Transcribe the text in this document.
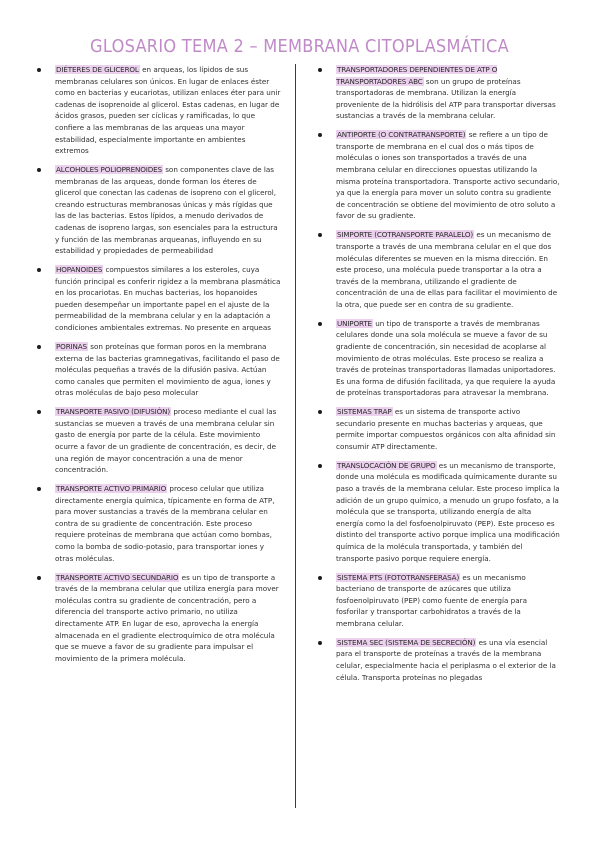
GLOSARIO TEMA 2 – MEMBRANA CITOPLASMÁTICA
DIÉTERES DE GLICEROL en arqueas, los lípidos de sus membranas celulares son únicos. En lugar de enlaces éster como en bacterias y eucariotas, utilizan enlaces éter para unir cadenas de isoprenoide al glicerol. Estas cadenas, en lugar de ácidos grasos, pueden ser cíclicas y ramificadas, lo que confiere a las membranas de las arqueas una mayor estabilidad, especialmente importante en ambientes extremos
ALCOHOLES POLIOPRENOIDES son componentes clave de las membranas de las arqueas, donde forman los éteres de glicerol que conectan las cadenas de isopreno con el glicerol, creando estructuras membranosas únicas y más rígidas que las de las bacterias. Estos lípidos, a menudo derivados de cadenas de isopreno largas, son esenciales para la estructura y función de las membranas arqueanas, influyendo en su estabilidad y propiedades de permeabilidad
HOPANOIDES compuestos similares a los esteroles, cuya función principal es conferir rigidez a la membrana plasmática en los procariotas. En muchas bacterias, los hopanoides pueden desempeñar un importante papel en el ajuste de la permeabilidad de la membrana celular y en la adaptación a condiciones ambientales extremas. No presente en arqueas
PORINAS son proteínas que forman poros en la membrana externa de las bacterias gramnegativas, facilitando el paso de moléculas pequeñas a través de la difusión pasiva. Actúan como canales que permiten el movimiento de agua, iones y otras moléculas de bajo peso molecular
TRANSPORTE PASIVO (DIFUSIÓN) proceso mediante el cual las sustancias se mueven a través de una membrana celular sin gasto de energía por parte de la célula. Este movimiento ocurre a favor de un gradiente de concentración, es decir, de una región de mayor concentración a una de menor concentración.
TRANSPORTE ACTIVO PRIMARIO proceso celular que utiliza directamente energía química, típicamente en forma de ATP, para mover sustancias a través de la membrana celular en contra de su gradiente de concentración. Este proceso requiere proteínas de membrana que actúan como bombas, como la bomba de sodio-potasio, para transportar iones y otras moléculas.
TRANSPORTE ACTIVO SECUNDARIO es un tipo de transporte a través de la membrana celular que utiliza energía para mover moléculas contra su gradiente de concentración, pero a diferencia del transporte activo primario, no utiliza directamente ATP. En lugar de eso, aprovecha la energía almacenada en el gradiente electroquímico de otra molécula que se mueve a favor de su gradiente para impulsar el movimiento de la primera molécula.
TRANSPORTADORES DEPENDIENTES DE ATP O TRANSPORTADORES ABC son un grupo de proteínas transportadoras de membrana. Utilizan la energía proveniente de la hidrólisis del ATP para transportar diversas sustancias a través de la membrana celular.
ANTIPORTE (O CONTRATRANSPORTE) se refiere a un tipo de transporte de membrana en el cual dos o más tipos de moléculas o iones son transportados a través de una membrana celular en direcciones opuestas utilizando la misma proteína transportadora. Transporte activo secundario, ya que la energía para mover un soluto contra su gradiente de concentración se obtiene del movimiento de otro soluto a favor de su gradiente.
SIMPORTE (COTRANSPORTE PARALELO) es un mecanismo de transporte a través de una membrana celular en el que dos moléculas diferentes se mueven en la misma dirección. En este proceso, una molécula puede transportar a la otra a través de la membrana, utilizando el gradiente de concentración de una de ellas para facilitar el movimiento de la otra, que puede ser en contra de su gradiente.
UNIPORTE un tipo de transporte a través de membranas celulares donde una sola molécula se mueve a favor de su gradiente de concentración, sin necesidad de acoplarse al movimiento de otras moléculas. Este proceso se realiza a través de proteínas transportadoras llamadas uniportadores. Es una forma de difusión facilitada, ya que requiere la ayuda de proteínas transportadoras para atravesar la membrana.
SISTEMAS TRAP es un sistema de transporte activo secundario presente en muchas bacterias y arqueas, que permite importar compuestos orgánicos con alta afinidad sin consumir ATP directamente.
TRANSLOCACIÓN DE GRUPO es un mecanismo de transporte, donde una molécula es modificada químicamente durante su paso a través de la membrana celular. Este proceso implica la adición de un grupo químico, a menudo un grupo fosfato, a la molécula que se transporta, utilizando energía de alta energía como la del fosfoenolpiruvato (PEP). Este proceso es distinto del transporte activo porque implica una modificación química de la molécula transportada, y también del transporte pasivo porque requiere energía.
SISTEMA PTS (FOTOTRANSFERASA) es un mecanismo bacteriano de transporte de azúcares que utiliza fosfoenolpiruvato (PEP) como fuente de energía para fosforilar y transportar carbohidratos a través de la membrana celular.
SISTEMA SEC (SISTEMA DE SECRECIÓN) es una vía esencial para el transporte de proteínas a través de la membrana celular, especialmente hacia el periplasma o el exterior de la célula. Transporta proteínas no plegadas
